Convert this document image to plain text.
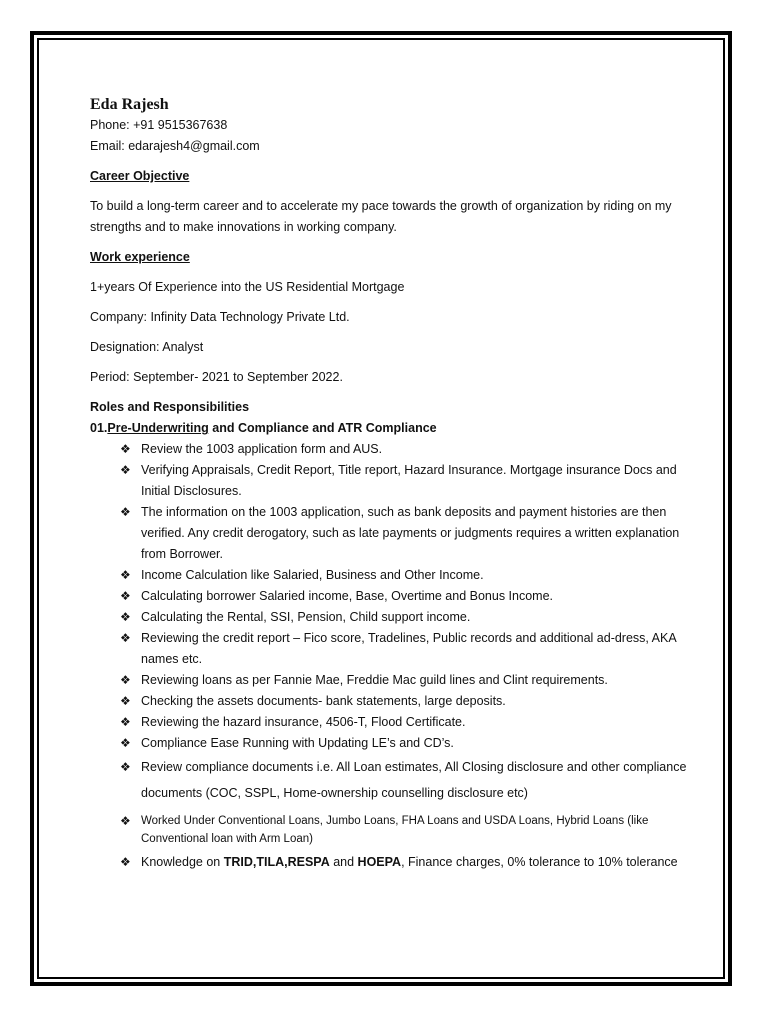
Eda Rajesh

Phone: +91 9515367638

Email: edarajesh4@gmail.com

Career Objective

To build a long-term career and to accelerate my pace towards the growth of organization by riding on my strengths and to make innovations in working company.

Work experience

1+years Of Experience into the US Residential Mortgage

Company: Infinity Data Technology Private Ltd.

Designation: Analyst

Period: September- 2021 to September 2022.

Roles and Responsibilities

01.Pre-Underwriting and Compliance and ATR Compliance

❖ Review the 1003 application form and AUS.
❖ Verifying Appraisals, Credit Report, Title report, Hazard Insurance. Mortgage insurance Docs and Initial Disclosures.
❖ The information on the 1003 application, such as bank deposits and payment histories are then verified. Any credit derogatory, such as late payments or judgments requires a written explanation from Borrower.
❖ Income Calculation like Salaried, Business and Other Income.
❖ Calculating borrower Salaried income, Base, Overtime and Bonus Income.
❖ Calculating the Rental, SSI, Pension, Child support income.
❖ Reviewing the credit report – Fico score, Tradelines, Public records and additional ad-dress, AKA names etc.
❖ Reviewing loans as per Fannie Mae, Freddie Mac guild lines and Clint requirements.
❖ Checking the assets documents- bank statements, large deposits.
❖ Reviewing the hazard insurance, 4506-T, Flood Certificate.
❖ Compliance Ease Running with Updating LE’s and CD’s.
❖ Review compliance documents i.e. All Loan estimates, All Closing disclosure and other compliance documents (COC, SSPL, Home-ownership counselling disclosure etc)
❖ Worked Under Conventional Loans, Jumbo Loans, FHA Loans and USDA Loans, Hybrid Loans (like Conventional loan with Arm Loan)
❖ Knowledge on TRID,TILA,RESPA and HOEPA, Finance charges, 0% tolerance to 10% tolerance
